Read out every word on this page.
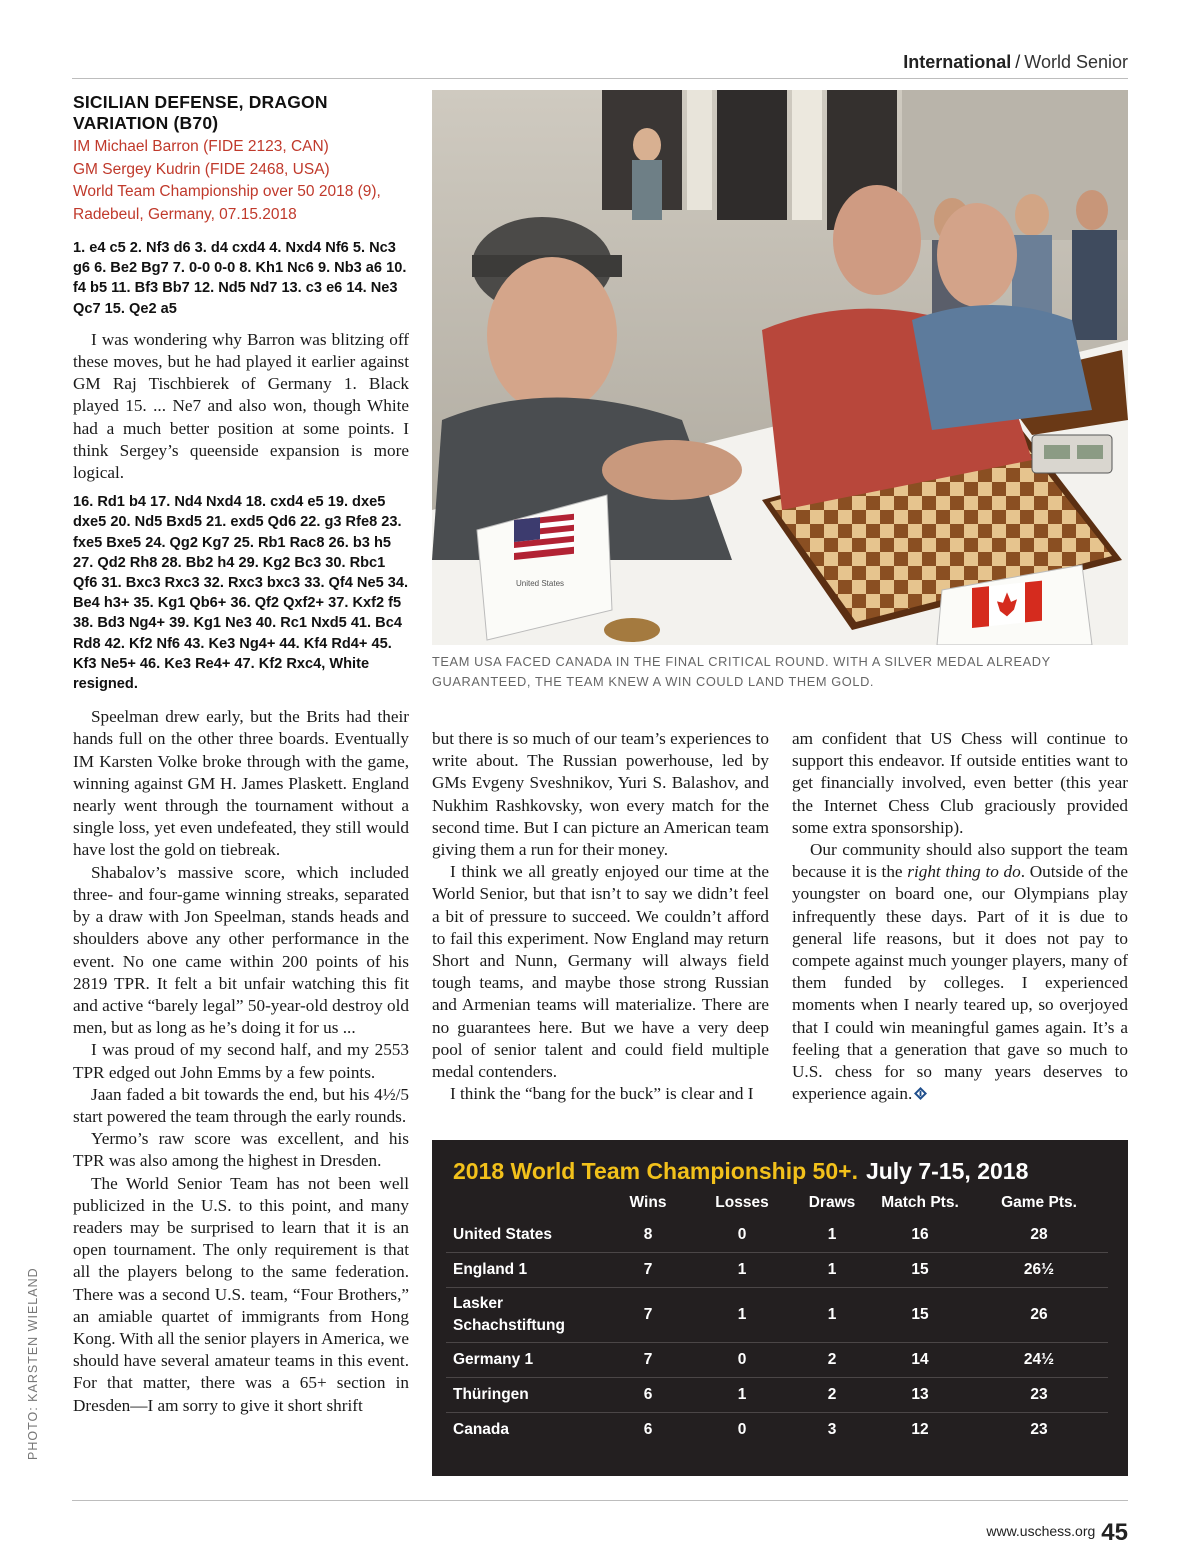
International / World Senior
PHOTO: KARSTEN WIELAND
SICILIAN DEFENSE, DRAGON VARIATION (B70)
IM Michael Barron (FIDE 2123, CAN)
GM Sergey Kudrin (FIDE 2468, USA)
World Team Championship over 50 2018 (9), Radebeul, Germany, 07.15.2018
1. e4 c5 2. Nf3 d6 3. d4 cxd4 4. Nxd4 Nf6 5. Nc3 g6 6. Be2 Bg7 7. 0-0 0-0 8. Kh1 Nc6 9. Nb3 a6 10. f4 b5 11. Bf3 Bb7 12. Nd5 Nd7 13. c3 e6 14. Ne3 Qc7 15. Qe2 a5

I was wondering why Barron was blitzing off these moves, but he had played it earlier against GM Raj Tischbierek of Germany 1. Black played 15. ... Ne7 and also won, though White had a much better position at some points. I think Sergey’s queenside expansion is more logical.

16. Rd1 b4 17. Nd4 Nxd4 18. cxd4 e5 19. dxe5 dxe5 20. Nd5 Bxd5 21. exd5 Qd6 22. g3 Rfe8 23. fxe5 Bxe5 24. Qg2 Kg7 25. Rb1 Rac8 26. b3 h5 27. Qd2 Rh8 28. Bb2 h4 29. Kg2 Bc3 30. Rbc1 Qf6 31. Bxc3 Rxc3 32. Rxc3 bxc3 33. Qf4 Ne5 34. Be4 h3+ 35. Kg1 Qb6+ 36. Qf2 Qxf2+ 37. Kxf2 f5 38. Bd3 Ng4+ 39. Kg1 Ne3 40. Rc1 Nxd5 41. Bc4 Rd8 42. Kf2 Nf6 43. Ke3 Ng4+ 44. Kf4 Rd4+ 45. Kf3 Ne5+ 46. Ke3 Re4+ 47. Kf2 Rxc4, White resigned.

Speelman drew early, but the Brits had their hands full on the other three boards. Eventually IM Karsten Volke broke through with the game, winning against GM H. James Plaskett. England nearly went through the tournament without a single loss, yet even undefeated, they still would have lost the gold on tiebreak.

Shabalov’s massive score, which included three- and four-game winning streaks, separated by a draw with Jon Speelman, stands heads and shoulders above any other performance in the event. No one came within 200 points of his 2819 TPR. It felt a bit unfair watching this fit and active “barely legal” 50-year-old destroy old men, but as long as he’s doing it for us ...

I was proud of my second half, and my 2553 TPR edged out John Emms by a few points.

Jaan faded a bit towards the end, but his 4½/5 start powered the team through the early rounds.

Yermo’s raw score was excellent, and his TPR was also among the highest in Dresden.

The World Senior Team has not been well publicized in the U.S. to this point, and many readers may be surprised to learn that it is an open tournament. The only requirement is that all the players belong to the same federation. There was a second U.S. team, “Four Brothers,” an amiable quartet of immigrants from Hong Kong. With all the senior players in America, we should have several amateur teams in this event. For that matter, there was a 65+ section in Dresden—I am sorry to give it short shrift

United States
TEAM USA FACED CANADA IN THE FINAL CRITICAL ROUND. WITH A SILVER MEDAL ALREADY GUARANTEED, THE TEAM KNEW A WIN COULD LAND THEM GOLD.

but there is so much of our team’s experiences to write about. The Russian powerhouse, led by GMs Evgeny Sveshnikov, Yuri S. Balashov, and Nukhim Rashkovsky, won every match for the second time. But I can picture an American team giving them a run for their money.

I think we all greatly enjoyed our time at the World Senior, but that isn’t to say we didn’t feel a bit of pressure to succeed. We couldn’t afford to fail this experiment. Now England may return Short and Nunn, Germany will always field tough teams, and maybe those strong Russian and Armenian teams will materialize. There are no guarantees here. But we have a very deep pool of senior talent and could field multiple medal contenders.

I think the “bang for the buck” is clear and I

am confident that US Chess will continue to support this endeavor. If outside entities want to get financially involved, even better (this year the Internet Chess Club graciously provided some extra sponsorship).

Our community should also support the team because it is the right thing to do. Outside of the youngster on board one, our Olympians play infrequently these days. Part of it is due to general life reasons, but it does not pay to compete against much younger players, many of them funded by colleges. I experienced moments when I nearly teared up, so overjoyed that I could win meaningful games again. It’s a feeling that a generation that gave so much to U.S. chess for so many years deserves to experience again.

2018 World Team Championship 50+. July 7-15, 2018
	Wins	Losses	Draws	Match Pts.	Game Pts.
United States	8	0	1	16	28
England 1	7	1	1	15	26½

Lasker
Schachstiftung	7	1	1	15	26
Germany 1	7	0	2	14	24½
Thüringen	6	1	2	13	23
Canada	6	0	3	12	23
www.uschess.org 45
